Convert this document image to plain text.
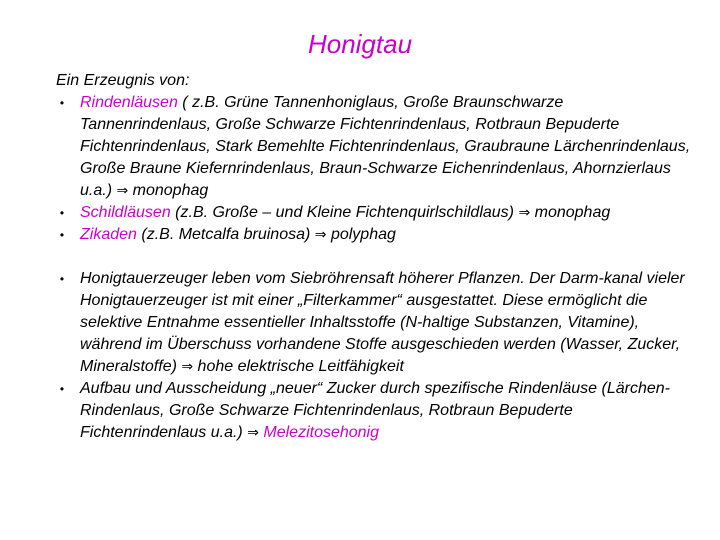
Honigtau
Ein Erzeugnis von:
• Rindenläusen ( z.B. Grüne Tannenhoniglaus, Große Braunschwarze Tannenrindenlaus, Große Schwarze Fichtenrindenlaus, Rotbraun Bepuderte Fichtenrindenlaus, Stark Bemehlte Fichtenrindenlaus, Graubraune Lärchenrindenlaus, Große Braune Kiefernrindenlaus, Braun-Schwarze Eichenrindenlaus, Ahornzierlaus u.a.) ⇒ monophag
• Schildläusen (z.B. Große – und Kleine Fichtenquirlschildlaus) ⇒ monophag
• Zikaden (z.B. Metcalfa bruinosa) ⇒ polyphag
• Honigtauerzeuger leben vom Siebröhrensaft höherer Pflanzen. Der Darm-kanal vieler Honigtauerzeuger ist mit einer „Filterkammer“ ausgestattet. Diese ermöglicht die selektive Entnahme essentieller Inhaltsstoffe (N-haltige Substanzen, Vitamine), während im Überschuss vorhandene Stoffe ausgeschieden werden (Wasser, Zucker, Mineralstoffe) ⇒ hohe elektrische Leitfähigkeit
• Aufbau und Ausscheidung „neuer“ Zucker durch spezifische Rindenläuse (Lärchen-Rindenlaus, Große Schwarze Fichtenrindenlaus, Rotbraun Bepuderte Fichtenrindenlaus u.a.) ⇒ Melezitosehonig
